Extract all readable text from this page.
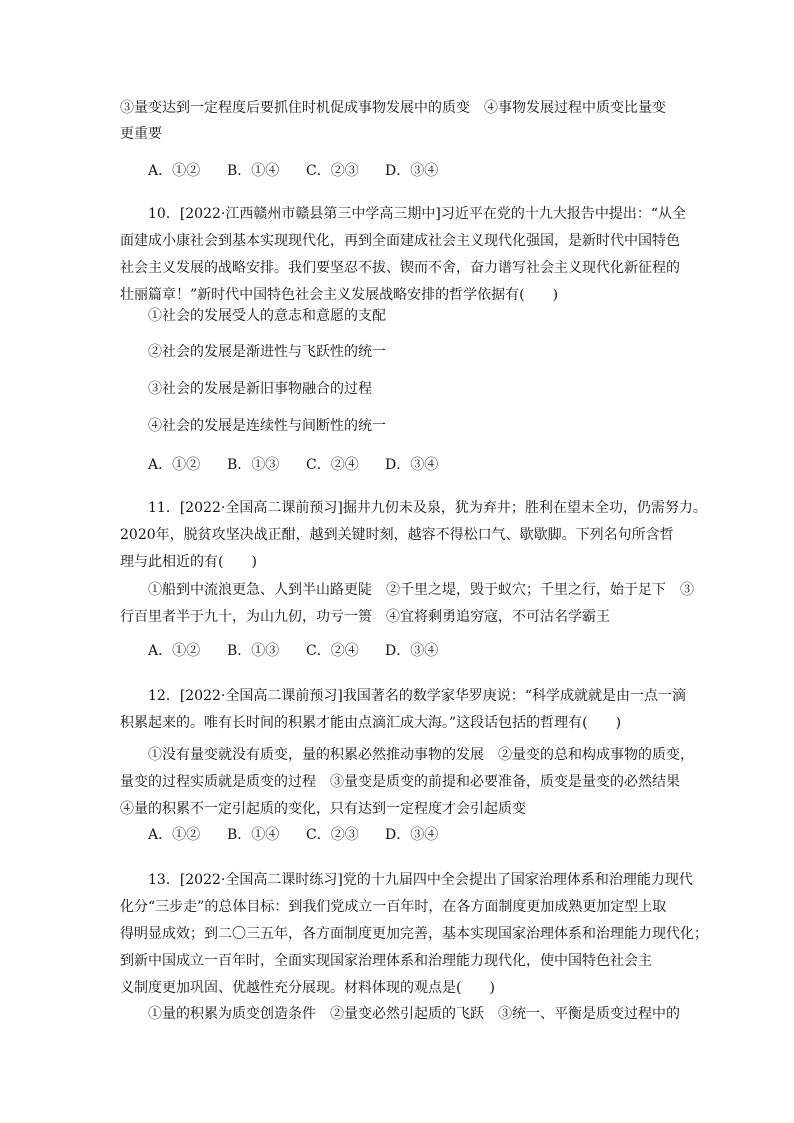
③量变达到一定程度后要抓住时机促成事物发展中的质变　④事物发展过程中质变比量变

更重要

A．①②	B．①④	C．②③	D．③④

10．[2022·江西赣州市赣县第三中学高三期中]习近平在党的十九大报告中提出：“从全

面建成小康社会到基本实现现代化，再到全面建成社会主义现代化强国，是新时代中国特色

社会主义发展的战略安排。我们要坚忍不拔、锲而不舍，奋力谱写社会主义现代化新征程的

壮丽篇章！”新时代中国特色社会主义发展战略安排的哲学依据有(　　)

①社会的发展受人的意志和意愿的支配

②社会的发展是渐进性与飞跃性的统一

③社会的发展是新旧事物融合的过程

④社会的发展是连续性与间断性的统一

A．①②	B．①③	C．②④	D．③④

11．[2022·全国高二课前预习]掘井九仞未及泉，犹为弃井；胜利在望未全功，仍需努力。

2020年，脱贫攻坚决战正酣，越到关键时刻，越容不得松口气、歇歇脚。下列名句所含哲

理与此相近的有(　　)

①船到中流浪更急、人到半山路更陡　②千里之堤，毁于蚁穴；千里之行，始于足下　③

行百里者半于九十，为山九仞，功亏一篑　④宜将剩勇追穷寇，不可沽名学霸王

A．①②	B．①③	C．②④	D．③④

12．[2022·全国高二课前预习]我国著名的数学家华罗庚说：“科学成就就是由一点一滴

积累起来的。唯有长时间的积累才能由点滴汇成大海。”这段话包括的哲理有(　　)

①没有量变就没有质变，量的积累必然推动事物的发展　②量变的总和构成事物的质变，

量变的过程实质就是质变的过程　③量变是质变的前提和必要准备，质变是量变的必然结果

④量的积累不一定引起质的变化，只有达到一定程度才会引起质变

A．①②	B．①④	C．②③	D．③④

13．[2022·全国高二课时练习]党的十九届四中全会提出了国家治理体系和治理能力现代

化分“三步走”的总体目标：到我们党成立一百年时，在各方面制度更加成熟更加定型上取

得明显成效；到二〇三五年，各方面制度更加完善，基本实现国家治理体系和治理能力现代化；

到新中国成立一百年时，全面实现国家治理体系和治理能力现代化，使中国特色社会主

义制度更加巩固、优越性充分展现。材料体现的观点是(　　)

①量的积累为质变创造条件　②量变必然引起质的飞跃　③统一、平衡是质变过程中的
